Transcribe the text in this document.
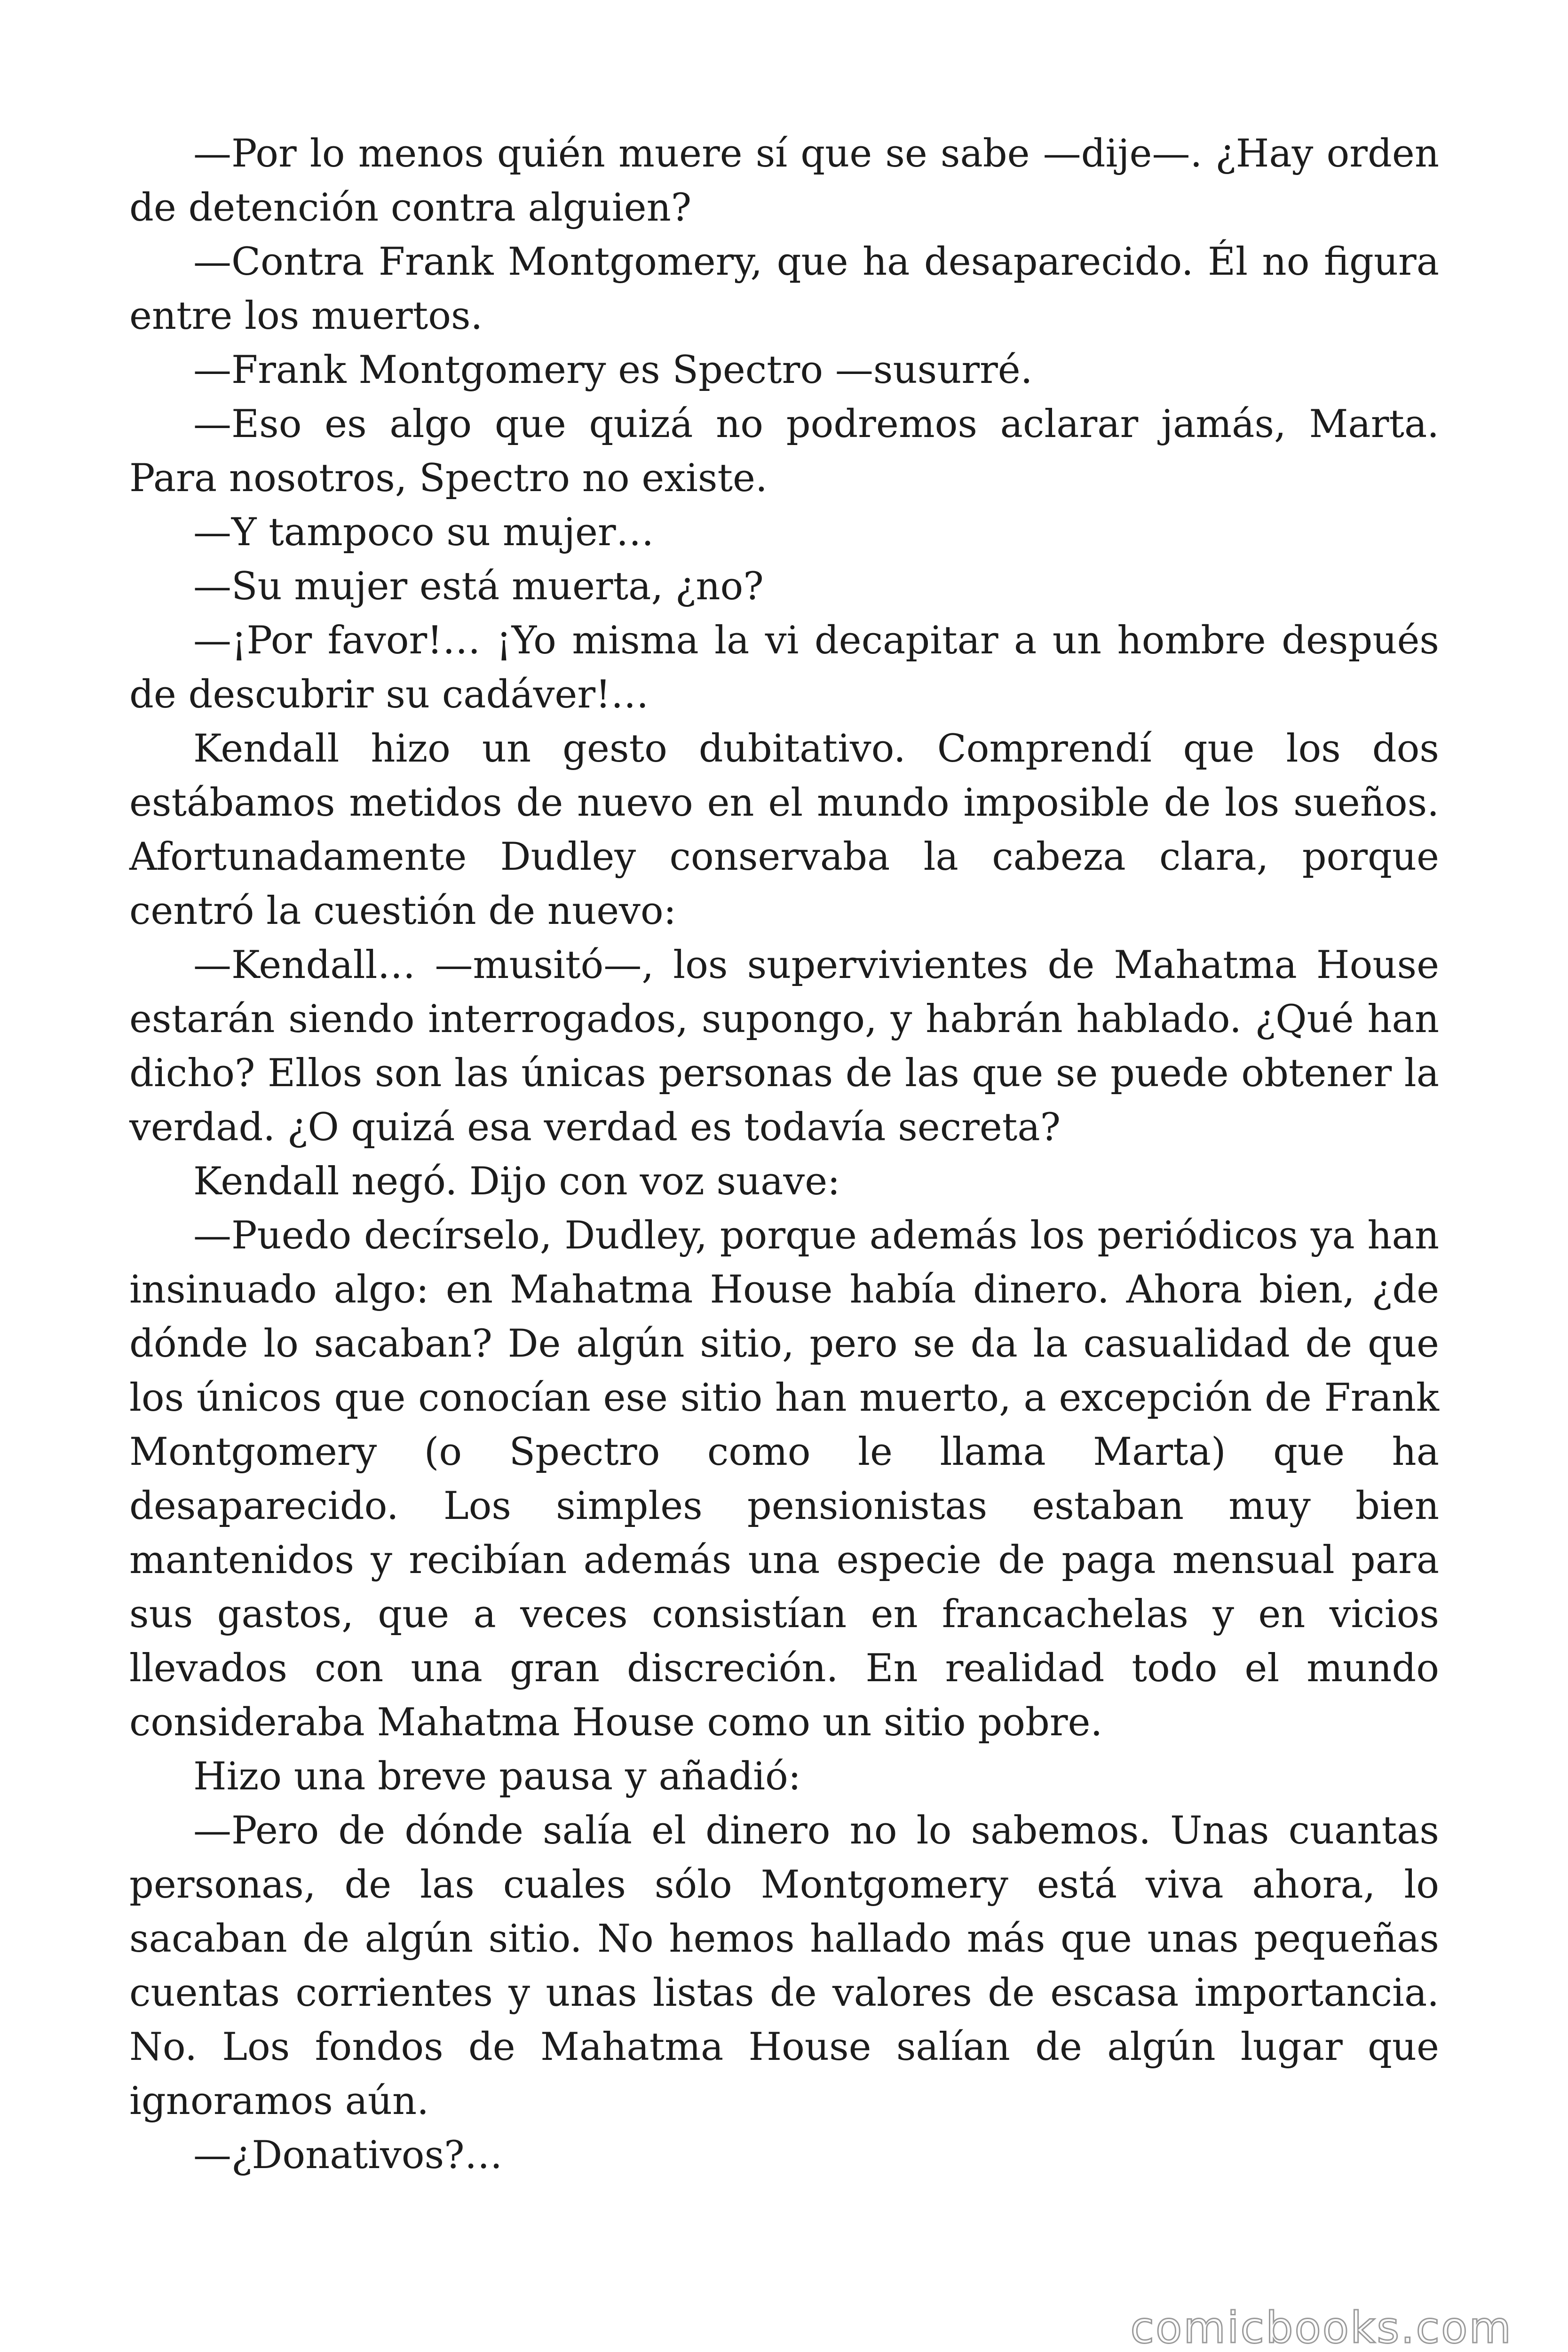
—Por lo menos quién muere sí que se sabe —dije—. ¿Hay orden de detención contra alguien?

—Contra Frank Montgomery, que ha desaparecido. Él no figura entre los muertos.

—Frank Montgomery es Spectro —susurré.

—Eso es algo que quizá no podremos aclarar jamás, Marta. Para nosotros, Spectro no existe.

—Y tampoco su mujer…

—Su mujer está muerta, ¿no?

—¡Por favor!… ¡Yo misma la vi decapitar a un hombre después de descubrir su cadáver!…

Kendall hizo un gesto dubitativo. Comprendí que los dos estábamos metidos de nuevo en el mundo imposible de los sueños. Afortunadamente Dudley conservaba la cabeza clara, porque centró la cuestión de nuevo:

—Kendall… —musitó—, los supervivientes de Mahatma House estarán siendo interrogados, supongo, y habrán hablado. ¿Qué han dicho? Ellos son las únicas personas de las que se puede obtener la verdad. ¿O quizá esa verdad es todavía secreta?

Kendall negó. Dijo con voz suave:

—Puedo decírselo, Dudley, porque además los periódicos ya han insinuado algo: en Mahatma House había dinero. Ahora bien, ¿de dónde lo sacaban? De algún sitio, pero se da la casualidad de que los únicos que conocían ese sitio han muerto, a excepción de Frank Montgomery (o Spectro como le llama Marta) que ha desaparecido. Los simples pensionistas estaban muy bien mantenidos y recibían además una especie de paga mensual para sus gastos, que a veces consistían en francachelas y en vicios llevados con una gran discreción. En realidad todo el mundo consideraba Mahatma House como un sitio pobre.

Hizo una breve pausa y añadió:

—Pero de dónde salía el dinero no lo sabemos. Unas cuantas personas, de las cuales sólo Montgomery está viva ahora, lo sacaban de algún sitio. No hemos hallado más que unas pequeñas cuentas corrientes y unas listas de valores de escasa importancia. No. Los fondos de Mahatma House salían de algún lugar que ignoramos aún.

—¿Donativos?…

comicbooks.com
